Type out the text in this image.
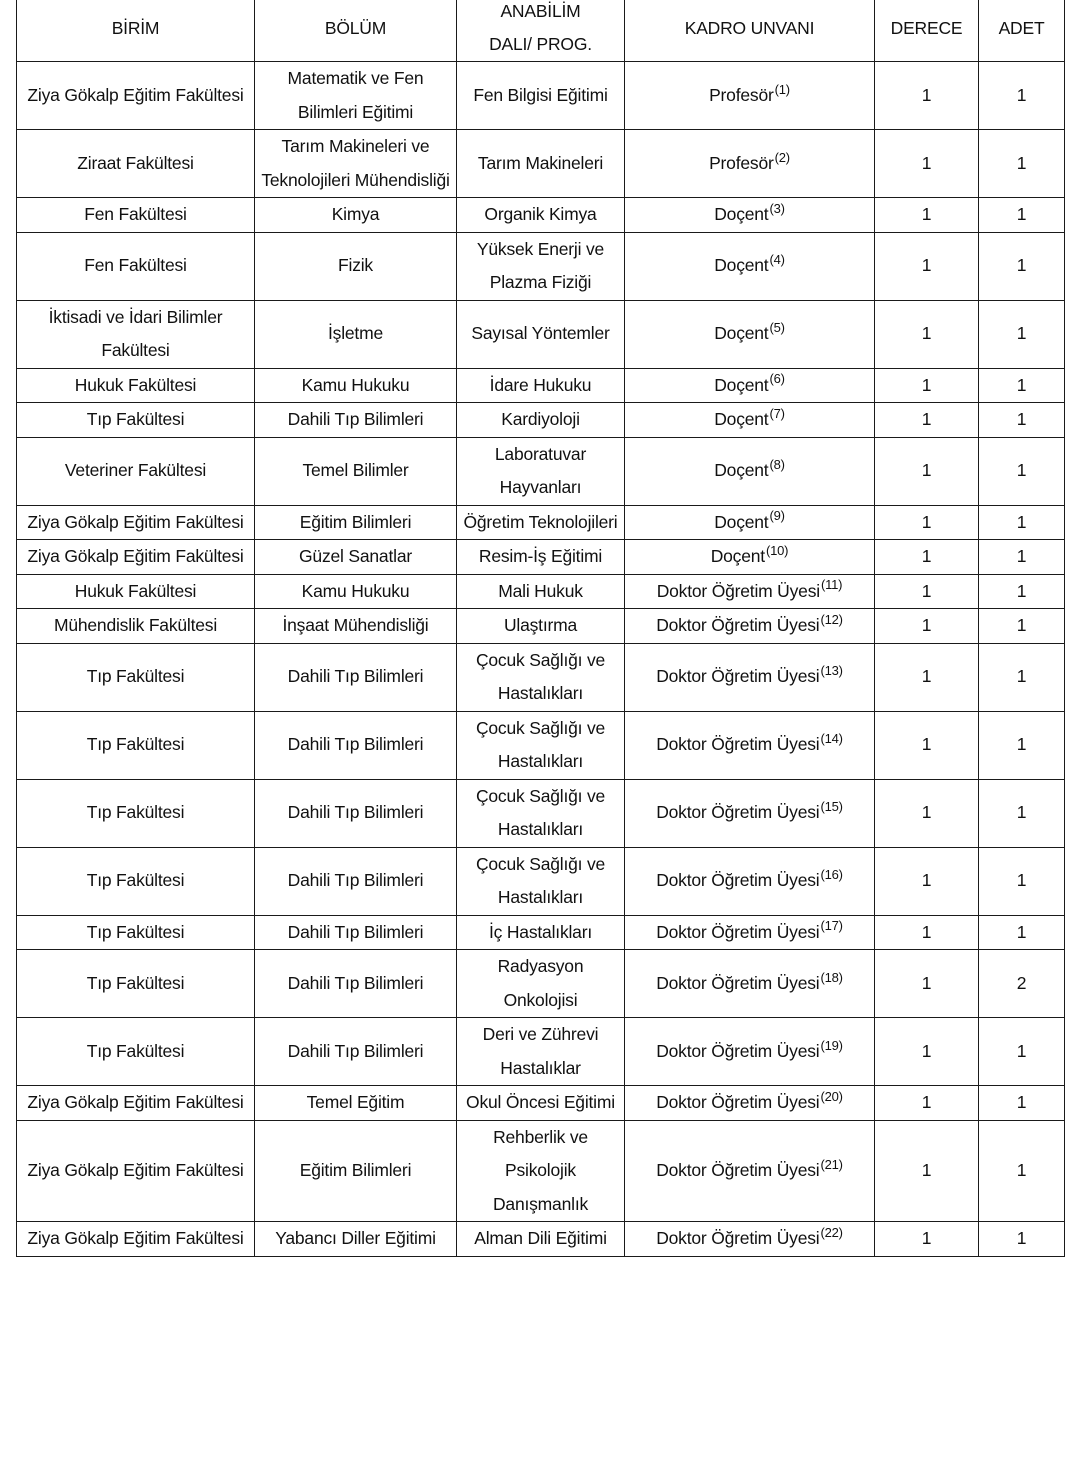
BİRİM	BÖLÜM	ANABİLİM DALI/ PROG.	KADRO UNVANI	DERECE	ADET
Ziya Gökalp Eğitim Fakültesi	Matematik ve Fen Bilimleri Eğitimi	Fen Bilgisi Eğitimi	Profesör$^{(1)}$	1	1
Ziraat Fakültesi	Tarım Makineleri ve Teknolojileri Mühendisliği	Tarım Makineleri	Profesör$^{(2)}$	1	1
Fen Fakültesi	Kimya	Organik Kimya	Doçent$^{(3)}$	1	1
Fen Fakültesi	Fizik	Yüksek Enerji ve Plazma Fiziği	Doçent$^{(4)}$	1	1
İktisadi ve İdari Bilimler Fakültesi	İşletme	Sayısal Yöntemler	Doçent$^{(5)}$	1	1
Hukuk Fakültesi	Kamu Hukuku	İdare Hukuku	Doçent$^{(6)}$	1	1
Tıp Fakültesi	Dahili Tıp Bilimleri	Kardiyoloji	Doçent$^{(7)}$	1	1
Veteriner Fakültesi	Temel Bilimler	Laboratuvar Hayvanları	Doçent$^{(8)}$	1	1
Ziya Gökalp Eğitim Fakültesi	Eğitim Bilimleri	Öğretim Teknolojileri	Doçent$^{(9)}$	1	1
Ziya Gökalp Eğitim Fakültesi	Güzel Sanatlar	Resim-İş Eğitimi	Doçent$^{(10)}$	1	1
Hukuk Fakültesi	Kamu Hukuku	Mali Hukuk	Doktor Öğretim Üyesi$^{(11)}$	1	1
Mühendislik Fakültesi	İnşaat Mühendisliği	Ulaştırma	Doktor Öğretim Üyesi$^{(12)}$	1	1
Tıp Fakültesi	Dahili Tıp Bilimleri	Çocuk Sağlığı ve Hastalıkları	Doktor Öğretim Üyesi$^{(13)}$	1	1
Tıp Fakültesi	Dahili Tıp Bilimleri	Çocuk Sağlığı ve Hastalıkları	Doktor Öğretim Üyesi$^{(14)}$	1	1
Tıp Fakültesi	Dahili Tıp Bilimleri	Çocuk Sağlığı ve Hastalıkları	Doktor Öğretim Üyesi$^{(15)}$	1	1
Tıp Fakültesi	Dahili Tıp Bilimleri	Çocuk Sağlığı ve Hastalıkları	Doktor Öğretim Üyesi$^{(16)}$	1	1
Tıp Fakültesi	Dahili Tıp Bilimleri	İç Hastalıkları	Doktor Öğretim Üyesi$^{(17)}$	1	1
Tıp Fakültesi	Dahili Tıp Bilimleri	Radyasyon Onkolojisi	Doktor Öğretim Üyesi$^{(18)}$	1	2
Tıp Fakültesi	Dahili Tıp Bilimleri	Deri ve Zührevi Hastalıklar	Doktor Öğretim Üyesi$^{(19)}$	1	1
Ziya Gökalp Eğitim Fakültesi	Temel Eğitim	Okul Öncesi Eğitimi	Doktor Öğretim Üyesi$^{(20)}$	1	1
Ziya Gökalp Eğitim Fakültesi	Eğitim Bilimleri	Rehberlik ve Psikolojik Danışmanlık	Doktor Öğretim Üyesi$^{(21)}$	1	1
Ziya Gökalp Eğitim Fakültesi	Yabancı Diller Eğitimi	Alman Dili Eğitimi	Doktor Öğretim Üyesi$^{(22)}$	1	1
